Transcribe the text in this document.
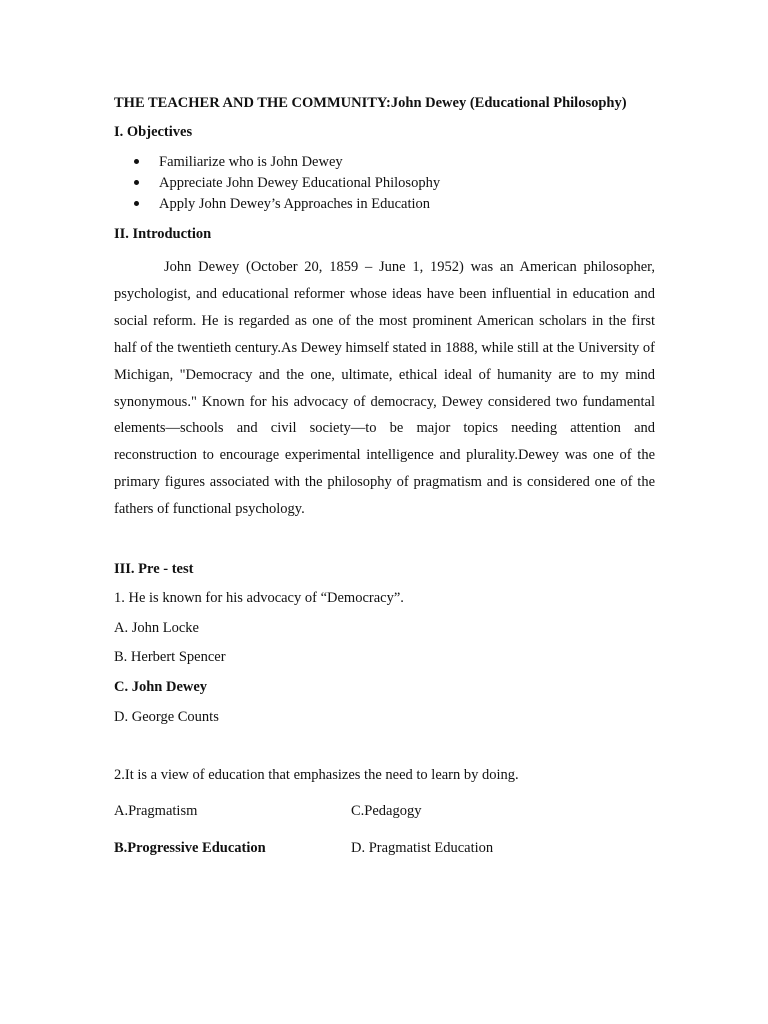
THE TEACHER AND THE COMMUNITY:John Dewey (Educational Philosophy)
I. Objectives
Familiarize who is John Dewey
Appreciate John Dewey Educational Philosophy
Apply John Dewey’s Approaches in Education
II. Introduction

John Dewey (October 20, 1859 – June 1, 1952) was an American philosopher, psychologist, and educational reformer whose ideas have been influential in education and social reform. He is regarded as one of the most prominent American scholars in the first half of the twentieth century.As Dewey himself stated in 1888, while still at the University of Michigan, "Democracy and the one, ultimate, ethical ideal of humanity are to my mind synonymous." Known for his advocacy of democracy, Dewey considered two fundamental elements—schools and civil society—to be major topics needing attention and reconstruction to encourage experimental intelligence and plurality.Dewey was one of the primary figures associated with the philosophy of pragmatism and is considered one of the fathers of functional psychology.

III. Pre - test
1. He is known for his advocacy of “Democracy”.
A. John Locke
B. Herbert Spencer
C. John Dewey
D. George Counts
2.It is a view of education that emphasizes the need to learn by doing.
A.Pragmatism	C.Pedagogy
B.Progressive Education	D. Pragmatist Education
